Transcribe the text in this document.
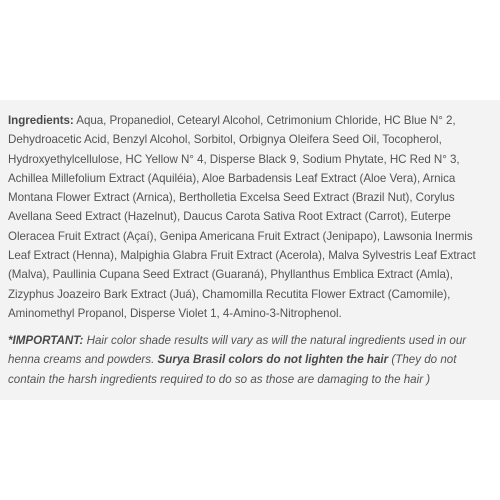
Ingredients: Aqua, Propanediol, Cetearyl Alcohol, Cetrimonium Chloride, HC Blue N° 2,
Dehydroacetic Acid, Benzyl Alcohol, Sorbitol, Orbignya Oleifera Seed Oil, Tocopherol,
Hydroxyethylcellulose, HC Yellow N° 4, Disperse Black 9, Sodium Phytate, HC Red N° 3,
Achillea Millefolium Extract (Aquiléia), Aloe Barbadensis Leaf Extract (Aloe Vera), Arnica
Montana Flower Extract (Arnica), Bertholletia Excelsa Seed Extract (Brazil Nut), Corylus
Avellana Seed Extract (Hazelnut), Daucus Carota Sativa Root Extract (Carrot), Euterpe
Oleracea Fruit Extract (Açaí), Genipa Americana Fruit Extract (Jenipapo), Lawsonia Inermis
Leaf Extract (Henna), Malpighia Glabra Fruit Extract (Acerola), Malva Sylvestris Leaf Extract
(Malva), Paullinia Cupana Seed Extract (Guaraná), Phyllanthus Emblica Extract (Amla),
Zizyphus Joazeiro Bark Extract (Juá), Chamomilla Recutita Flower Extract (Camomile),
Aminomethyl Propanol, Disperse Violet 1, 4-Amino-3-Nitrophenol.

*IMPORTANT: Hair color shade results will vary as will the natural ingredients used in our
henna creams and powders. Surya Brasil colors do not lighten the hair (They do not
contain the harsh ingredients required to do so as those are damaging to the hair )
